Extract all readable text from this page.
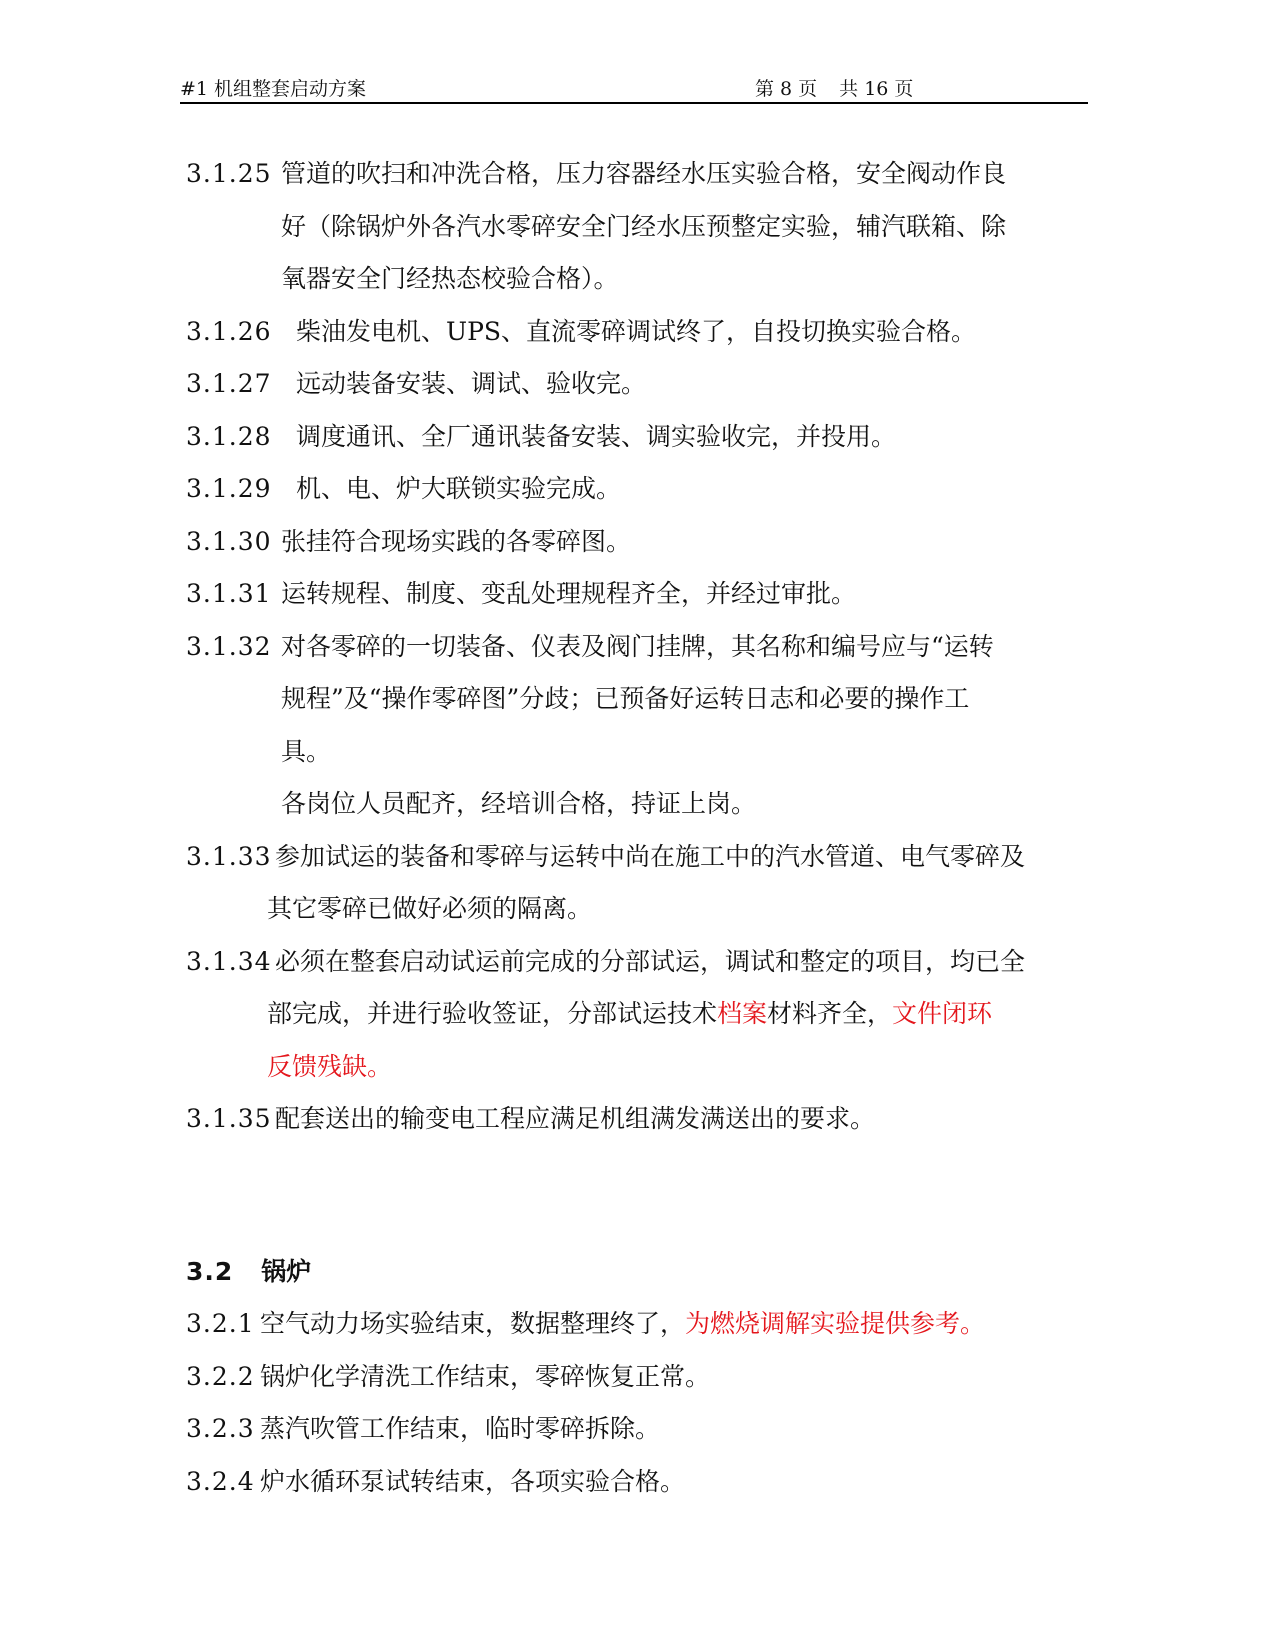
#1 机组整套启动方案	第 8 页 共 16 页
3.1.25 管道的吹扫和冲洗合格，压力容器经水压实验合格，安全阀动作良
好（除锅炉外各汽水零碎安全门经水压预整定实验，辅汽联箱、除
氧器安全门经热态校验合格）。
3.1.26 柴油发电机、UPS、直流零碎调试终了，自投切换实验合格。
3.1.27 远动装备安装、调试、验收完。
3.1.28 调度通讯、全厂通讯装备安装、调实验收完，并投用。
3.1.29 机、电、炉大联锁实验完成。
3.1.30 张挂符合现场实践的各零碎图。
3.1.31 运转规程、制度、变乱处理规程齐全，并经过审批。
3.1.32 对各零碎的一切装备、仪表及阀门挂牌，其名称和编号应与“运转
规程”及“操作零碎图”分歧；已预备好运转日志和必要的操作工
具。
各岗位人员配齐，经培训合格，持证上岗。
3.1.33 参加试运的装备和零碎与运转中尚在施工中的汽水管道、电气零碎及
其它零碎已做好必须的隔离。
3.1.34 必须在整套启动试运前完成的分部试运，调试和整定的项目，均已全
部完成，并进行验收签证，分部试运技术档案材料齐全，文件闭环
反馈残缺。
3.1.35 配套送出的输变电工程应满足机组满发满送出的要求。
3.2 锅炉
3.2.1 空气动力场实验结束，数据整理终了，为燃烧调解实验提供参考。
3.2.2 锅炉化学清洗工作结束，零碎恢复正常。
3.2.3 蒸汽吹管工作结束，临时零碎拆除。
3.2.4 炉水循环泵试转结束，各项实验合格。
